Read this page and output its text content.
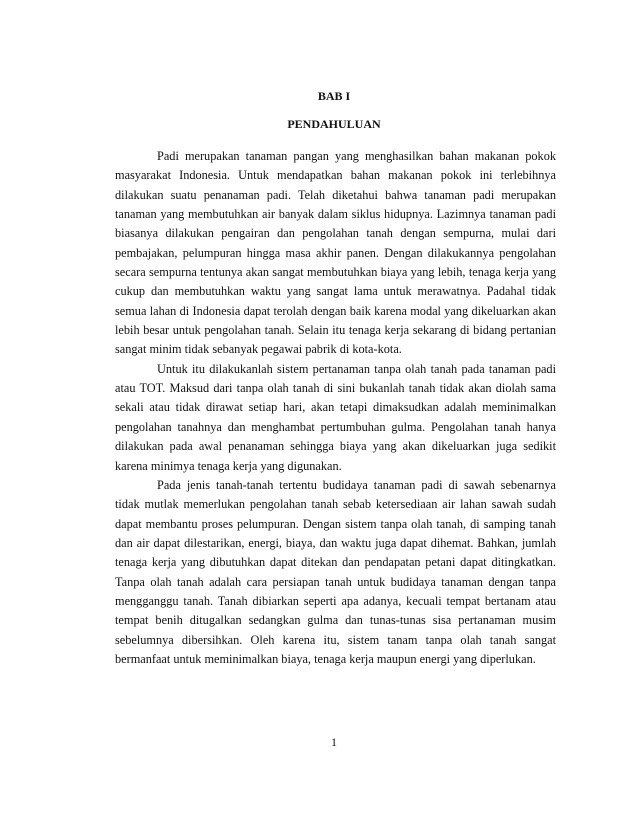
BAB I
PENDAHULUAN

Padi merupakan tanaman pangan yang menghasilkan bahan makanan pokok masyarakat Indonesia. Untuk mendapatkan bahan makanan pokok ini terlebihnya dilakukan suatu penanaman padi. Telah diketahui bahwa tanaman padi merupakan tanaman yang membutuhkan air banyak dalam siklus hidupnya. Lazimnya tanaman padi biasanya dilakukan pengairan dan pengolahan tanah dengan sempurna, mulai dari pembajakan, pelumpuran hingga masa akhir panen. Dengan dilakukannya pengolahan secara sempurna tentunya akan sangat membutuhkan biaya yang lebih, tenaga kerja yang cukup dan membutuhkan waktu yang sangat lama untuk merawatnya. Padahal tidak semua lahan di Indonesia dapat terolah dengan baik karena modal yang dikeluarkan akan lebih besar untuk pengolahan tanah. Selain itu tenaga kerja sekarang di bidang pertanian sangat minim tidak sebanyak pegawai pabrik di kota-kota.

Untuk itu dilakukanlah sistem pertanaman tanpa olah tanah pada tanaman padi atau TOT. Maksud dari tanpa olah tanah di sini bukanlah tanah tidak akan diolah sama sekali atau tidak dirawat setiap hari, akan tetapi dimaksudkan adalah meminimalkan pengolahan tanahnya dan menghambat pertumbuhan gulma. Pengolahan tanah hanya dilakukan pada awal penanaman sehingga biaya yang akan dikeluarkan juga sedikit karena minimya tenaga kerja yang digunakan.

Pada jenis tanah-tanah tertentu budidaya tanaman padi di sawah sebenarnya tidak mutlak memerlukan pengolahan tanah sebab ketersediaan air lahan sawah sudah dapat membantu proses pelumpuran. Dengan sistem tanpa olah tanah, di samping tanah dan air dapat dilestarikan, energi, biaya, dan waktu juga dapat dihemat. Bahkan, jumlah tenaga kerja yang dibutuhkan dapat ditekan dan pendapatan petani dapat ditingkatkan. Tanpa olah tanah adalah cara persiapan tanah untuk budidaya tanaman dengan tanpa mengganggu tanah. Tanah dibiarkan seperti apa adanya, kecuali tempat bertanam atau tempat benih ditugalkan sedangkan gulma dan tunas-tunas sisa pertanaman musim sebelumnya dibersihkan. Oleh karena itu, sistem tanam tanpa olah tanah sangat bermanfaat untuk meminimalkan biaya, tenaga kerja maupun energi yang diperlukan.

1
